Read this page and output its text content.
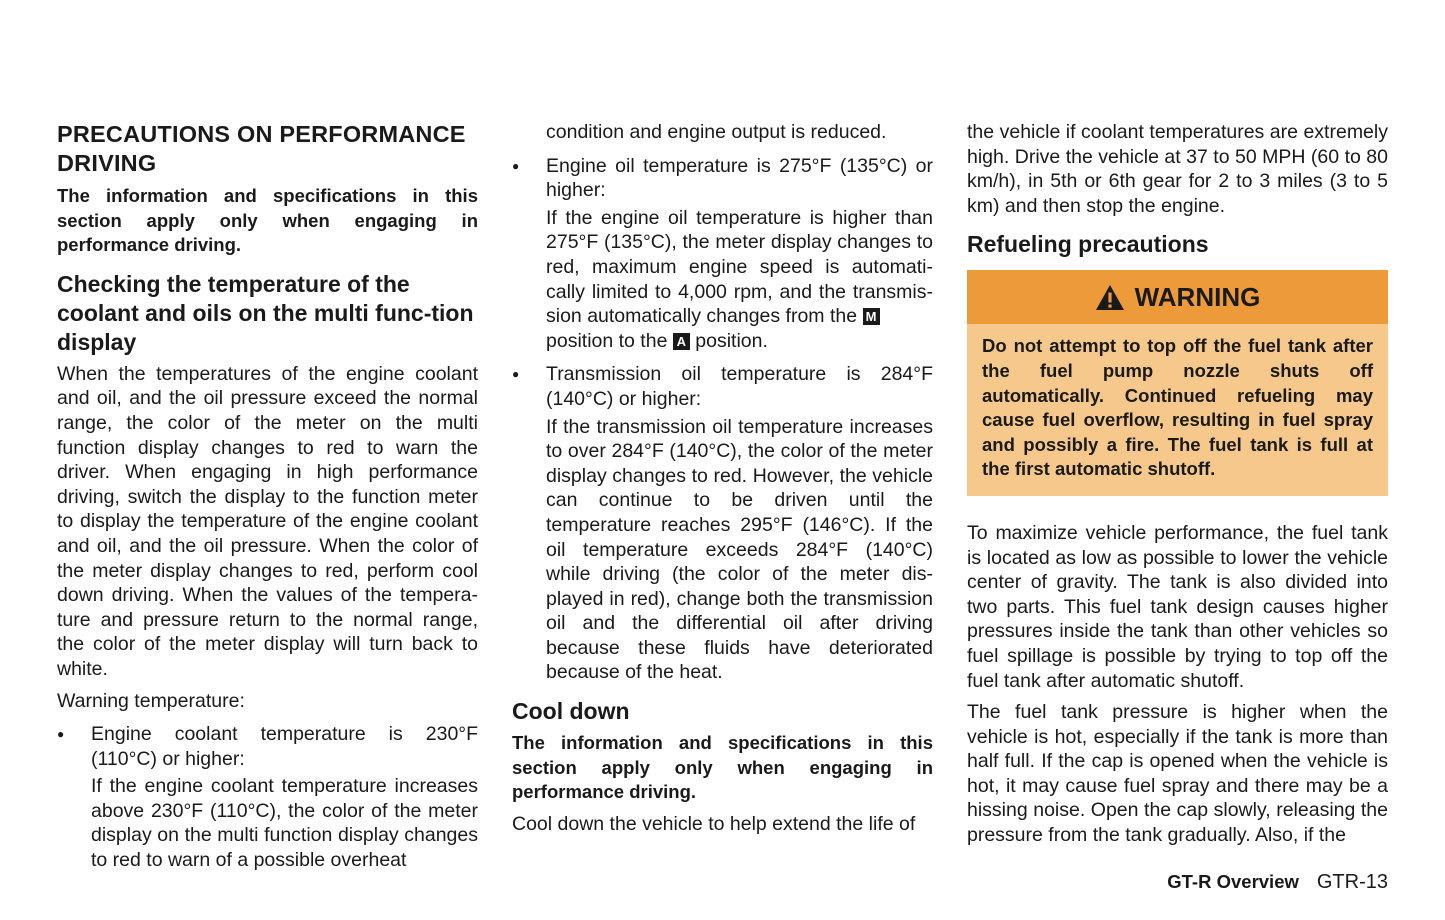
PRECAUTIONS ON PERFORMANCE DRIVING

The information and specifications in this section apply only when engaging in performance driving.

Checking the temperature of the coolant and oils on the multi func-tion display

When the temperatures of the engine coolant and oil, and the oil pressure exceed the normal range, the color of the meter on the multi function display changes to red to warn the driver. When engaging in high performance driving, switch the display to the function meter to display the temperature of the engine coolant and oil, and the oil pressure. When the color of the meter display changes to red, perform cool down driving. When the values of the tempera-ture and pressure return to the normal range, the color of the meter display will turn back to white.

Warning temperature:

● Engine coolant temperature is 230°F (110°C) or higher:

If the engine coolant temperature increases above 230°F (110°C), the color of the meter display on the multi function display changes to red to warn of a possible overheat

condition and engine output is reduced.

● Engine oil temperature is 275°F (135°C) or higher:

If the engine oil temperature is higher than 275°F (135°C), the meter display changes to red, maximum engine speed is automati-cally limited to 4,000 rpm, and the transmis-sion automatically changes from the M
position to the A position.

● Transmission oil temperature is 284°F (140°C) or higher:

If the transmission oil temperature increases to over 284°F (140°C), the color of the meter display changes to red. However, the vehicle can continue to be driven until the temperature reaches 295°F (146°C). If the oil temperature exceeds 284°F (140°C) while driving (the color of the meter dis-played in red), change both the transmission oil and the differential oil after driving because these fluids have deteriorated because of the heat.

Cool down

The information and specifications in this section apply only when engaging in performance driving.

Cool down the vehicle to help extend the life of

the vehicle if coolant temperatures are extremely high. Drive the vehicle at 37 to 50 MPH (60 to 80 km/h), in 5th or 6th gear for 2 to 3 miles (3 to 5 km) and then stop the engine.

Refueling precautions
WARNING

Do not attempt to top off the fuel tank after the fuel pump nozzle shuts off automatically. Continued refueling may cause fuel overflow, resulting in fuel spray and possibly a fire. The fuel tank is full at the first automatic shutoff.

To maximize vehicle performance, the fuel tank is located as low as possible to lower the vehicle center of gravity. The tank is also divided into two parts. This fuel tank design causes higher pressures inside the tank than other vehicles so fuel spillage is possible by trying to top off the fuel tank after automatic shutoff.

The fuel tank pressure is higher when the vehicle is hot, especially if the tank is more than half full. If the cap is opened when the vehicle is hot, it may cause fuel spray and there may be a hissing noise. Open the cap slowly, releasing the pressure from the tank gradually. Also, if the

GT-R Overview GTR-13
